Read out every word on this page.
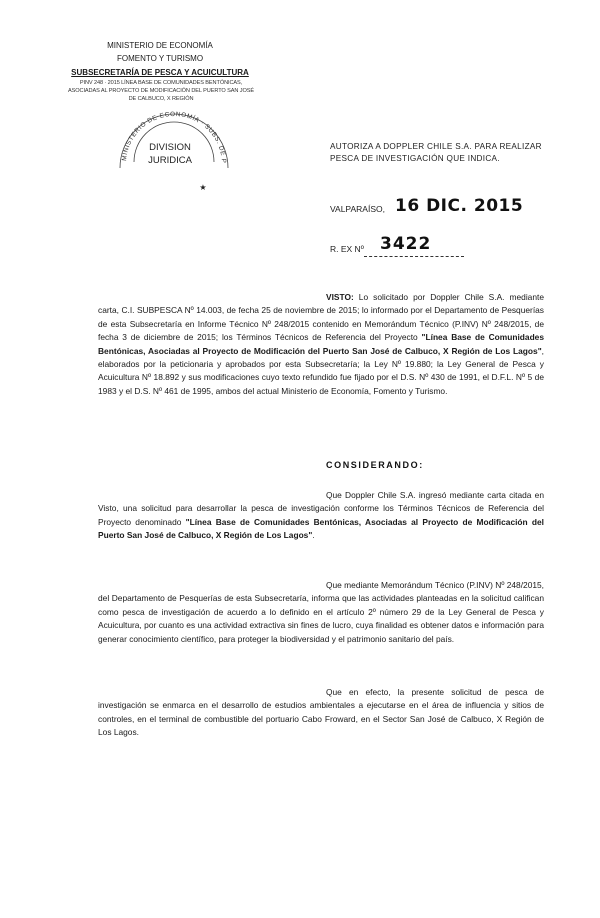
MINISTERIO DE ECONOMÍA
FOMENTO Y TURISMO
SUBSECRETARÍA DE PESCA Y ACUICULTURA
PINV 248 · 2015 LÍNEA BASE DE COMUNIDADES BENTÓNICAS,
ASOCIADAS AL PROYECTO DE MODIFICACIÓN DEL PUERTO SAN JOSÉ
DE CALBUCO, X REGIÓN
MINISTERIO DE ECONOMÍA · SUBS. DE P
DIVISION
JURIDICA
★
AUTORIZA A DOPPLER CHILE S.A. PARA REALIZAR PESCA DE INVESTIGACIÓN QUE INDICA.
VALPARAÍSO, 16 DIC. 2015
R. EX Nº 3422
VISTO: Lo solicitado por Doppler Chile S.A. mediante carta, C.I. SUBPESCA Nº 14.003, de fecha 25 de noviembre de 2015; lo informado por el Departamento de Pesquerías de esta Subsecretaría en Informe Técnico Nº 248/2015 contenido en Memorándum Técnico (P.INV) Nº 248/2015, de fecha 3 de diciembre de 2015; los Términos Técnicos de Referencia del Proyecto "Línea Base de Comunidades Bentónicas, Asociadas al Proyecto de Modificación del Puerto San José de Calbuco, X Región de Los Lagos", elaborados por la peticionaria y aprobados por esta Subsecretaría; la Ley Nº 19.880; la Ley General de Pesca y Acuicultura Nº 18.892 y sus modificaciones cuyo texto refundido fue fijado por el D.S. Nº 430 de 1991, el D.F.L. Nº 5 de 1983 y el D.S. Nº 461 de 1995, ambos del actual Ministerio de Economía, Fomento y Turismo.
CONSIDERANDO:
Que Doppler Chile S.A. ingresó mediante carta citada en Visto, una solicitud para desarrollar la pesca de investigación conforme los Términos Técnicos de Referencia del Proyecto denominado "Línea Base de Comunidades Bentónicas, Asociadas al Proyecto de Modificación del Puerto San José de Calbuco, X Región de Los Lagos".
Que mediante Memorándum Técnico (P.INV) Nº 248/2015, del Departamento de Pesquerías de esta Subsecretaría, informa que las actividades planteadas en la solicitud califican como pesca de investigación de acuerdo a lo definido en el artículo 2º número 29 de la Ley General de Pesca y Acuicultura, por cuanto es una actividad extractiva sin fines de lucro, cuya finalidad es obtener datos e información para generar conocimiento científico, para proteger la biodiversidad y el patrimonio sanitario del país.
Que en efecto, la presente solicitud de pesca de investigación se enmarca en el desarrollo de estudios ambientales a ejecutarse en el área de influencia y sitios de controles, en el terminal de combustible del portuario Cabo Froward, en el Sector San José de Calbuco, X Región de Los Lagos.
